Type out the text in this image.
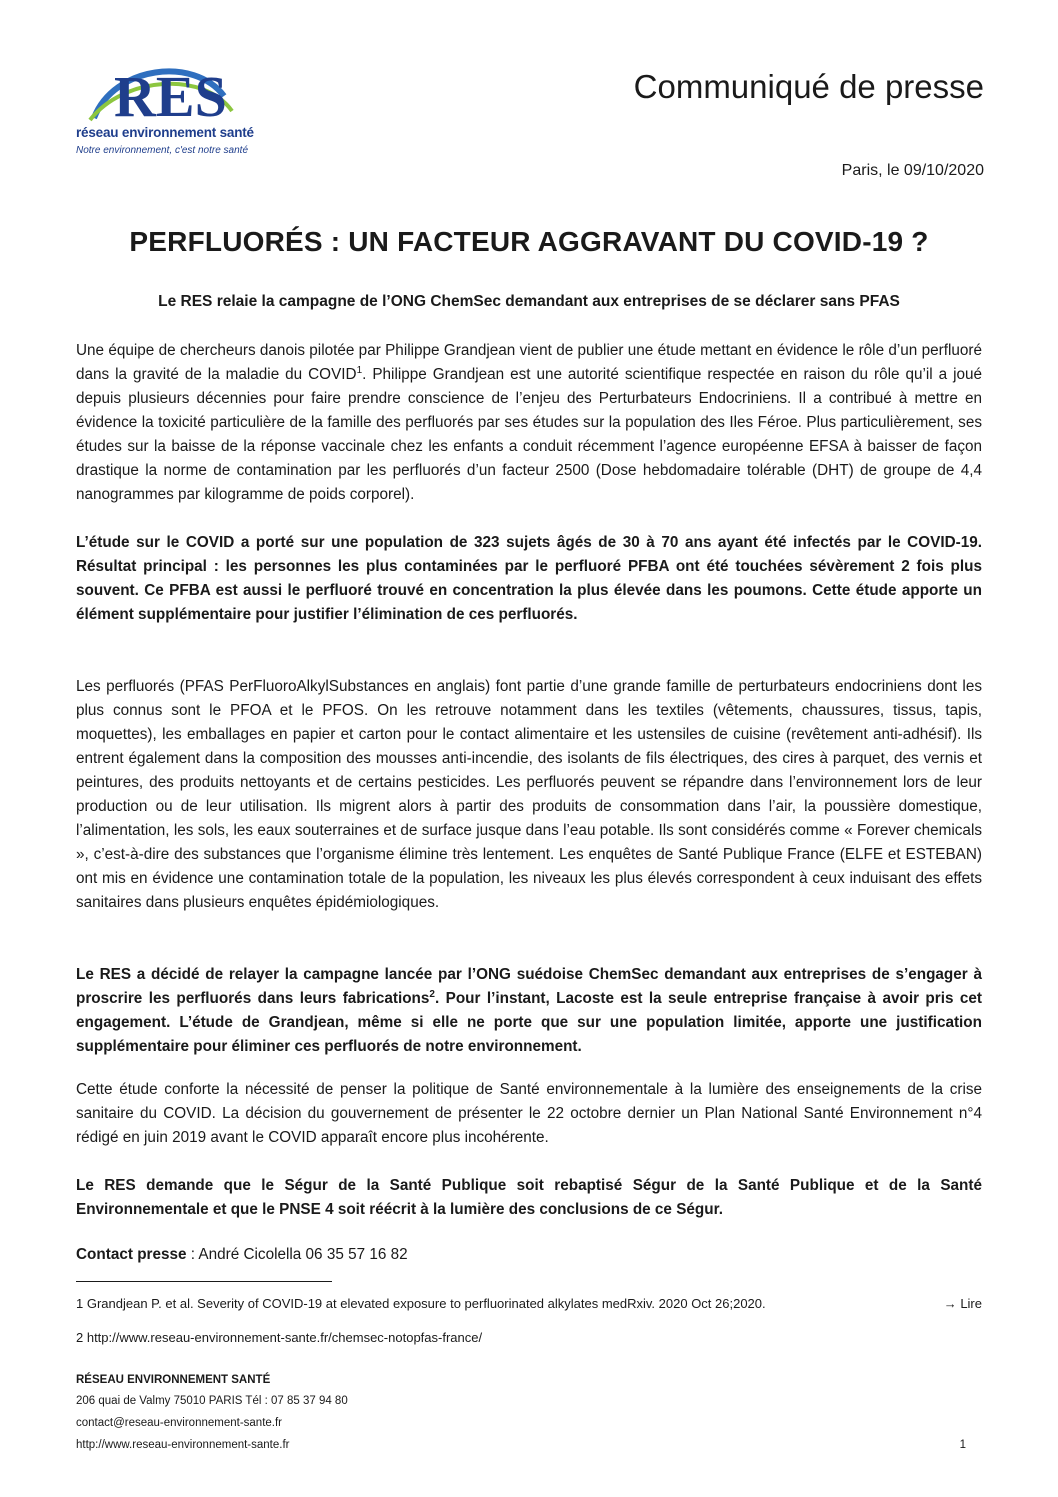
RES
réseau environnement santé
Notre environnement, c'est notre santé
Communiqué de presse
Paris, le 09/10/2020
PERFLUORÉS : UN FACTEUR AGGRAVANT DU COVID-19 ?
Le RES relaie la campagne de l’ONG ChemSec demandant aux entreprises de se déclarer sans PFAS

Une équipe de chercheurs danois pilotée par Philippe Grandjean vient de publier une étude mettant en évidence le rôle d’un perfluoré dans la gravité de la maladie du COVID$^1$. Philippe Grandjean est une autorité scientifique respectée en raison du rôle qu’il a joué depuis plusieurs décennies pour faire prendre conscience de l’enjeu des Perturbateurs Endocriniens. Il a contribué à mettre en évidence la toxicité particulière de la famille des perfluorés par ses études sur la population des Iles Féroe. Plus particulièrement, ses études sur la baisse de la réponse vaccinale chez les enfants a conduit récemment l’agence européenne EFSA à baisser de façon drastique la norme de contamination par les perfluorés d’un facteur 2500 (Dose hebdomadaire tolérable (DHT) de groupe de 4,4 nanogrammes par kilogramme de poids corporel).

L’étude sur le COVID a porté sur une population de 323 sujets âgés de 30 à 70 ans ayant été infectés par le COVID-19. Résultat principal : les personnes les plus contaminées par le perfluoré PFBA ont été touchées sévèrement 2 fois plus souvent. Ce PFBA est aussi le perfluoré trouvé en concentration la plus élevée dans les poumons. Cette étude apporte un élément supplémentaire pour justifier l’élimination de ces perfluorés.

Les perfluorés (PFAS PerFluoroAlkylSubstances en anglais) font partie d’une grande famille de perturbateurs endocriniens dont les plus connus sont le PFOA et le PFOS. On les retrouve notamment dans les textiles (vêtements, chaussures, tissus, tapis, moquettes), les emballages en papier et carton pour le contact alimentaire et les ustensiles de cuisine (revêtement anti-adhésif). Ils entrent également dans la composition des mousses anti-incendie, des isolants de fils électriques, des cires à parquet, des vernis et peintures, des produits nettoyants et de certains pesticides. Les perfluorés peuvent se répandre dans l’environnement lors de leur production ou de leur utilisation. Ils migrent alors à partir des produits de consommation dans l’air, la poussière domestique, l’alimentation, les sols, les eaux souterraines et de surface jusque dans l’eau potable. Ils sont considérés comme « Forever chemicals », c’est-à-dire des substances que l’organisme élimine très lentement. Les enquêtes de Santé Publique France (ELFE et ESTEBAN) ont mis en évidence une contamination totale de la population, les niveaux les plus élevés correspondent à ceux induisant des effets sanitaires dans plusieurs enquêtes épidémiologiques.

Le RES a décidé de relayer la campagne lancée par l’ONG suédoise ChemSec demandant aux entreprises de s’engager à proscrire les perfluorés dans leurs fabrications$^2$. Pour l’instant, Lacoste est la seule entreprise française à avoir pris cet engagement. L’étude de Grandjean, même si elle ne porte que sur une population limitée, apporte une justification supplémentaire pour éliminer ces perfluorés de notre environnement.

Cette étude conforte la nécessité de penser la politique de Santé environnementale à la lumière des enseignements de la crise sanitaire du COVID. La décision du gouvernement de présenter le 22 octobre dernier un Plan National Santé Environnement n°4 rédigé en juin 2019 avant le COVID apparaît encore plus incohérente.

Le RES demande que le Ségur de la Santé Publique soit rebaptisé Ségur de la Santé Publique et de la Santé Environnementale et que le PNSE 4 soit réécrit à la lumière des conclusions de ce Ségur.

Contact presse : André Cicolella 06 35 57 16 82
1 Grandjean P. et al. Severity of COVID-19 at elevated exposure to perfluorinated alkylates medRxiv. 2020 Oct 26;2020.	→ Lire
2 http://www.reseau-environnement-sante.fr/chemsec-notopfas-france/
RÉSEAU ENVIRONNEMENT SANTÉ
206 quai de Valmy 75010 PARIS Tél : 07 85 37 94 80
contact@reseau-environnement-sante.fr
http://www.reseau-environnement-sante.fr	1
